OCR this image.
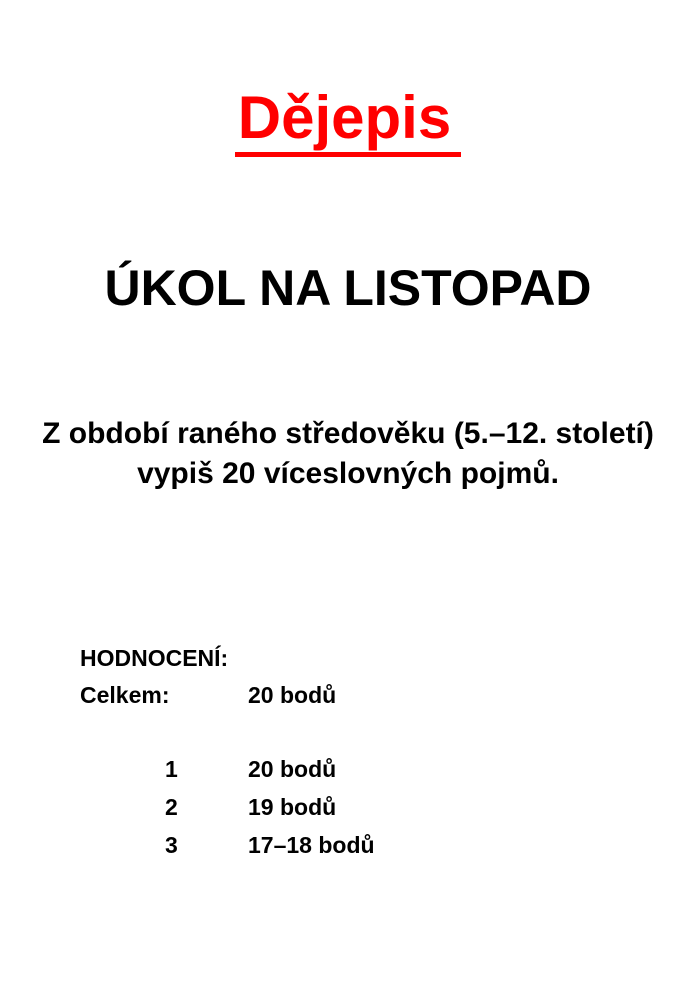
Dějepis
ÚKOL NA LISTOPAD
Z období raného středověku (5.–12. století)
vypiš 20 víceslovných pojmů.
HODNOCENÍ:
Celkem:	20 bodů
1	20 bodů
2	19 bodů
3	17–18 bodů
